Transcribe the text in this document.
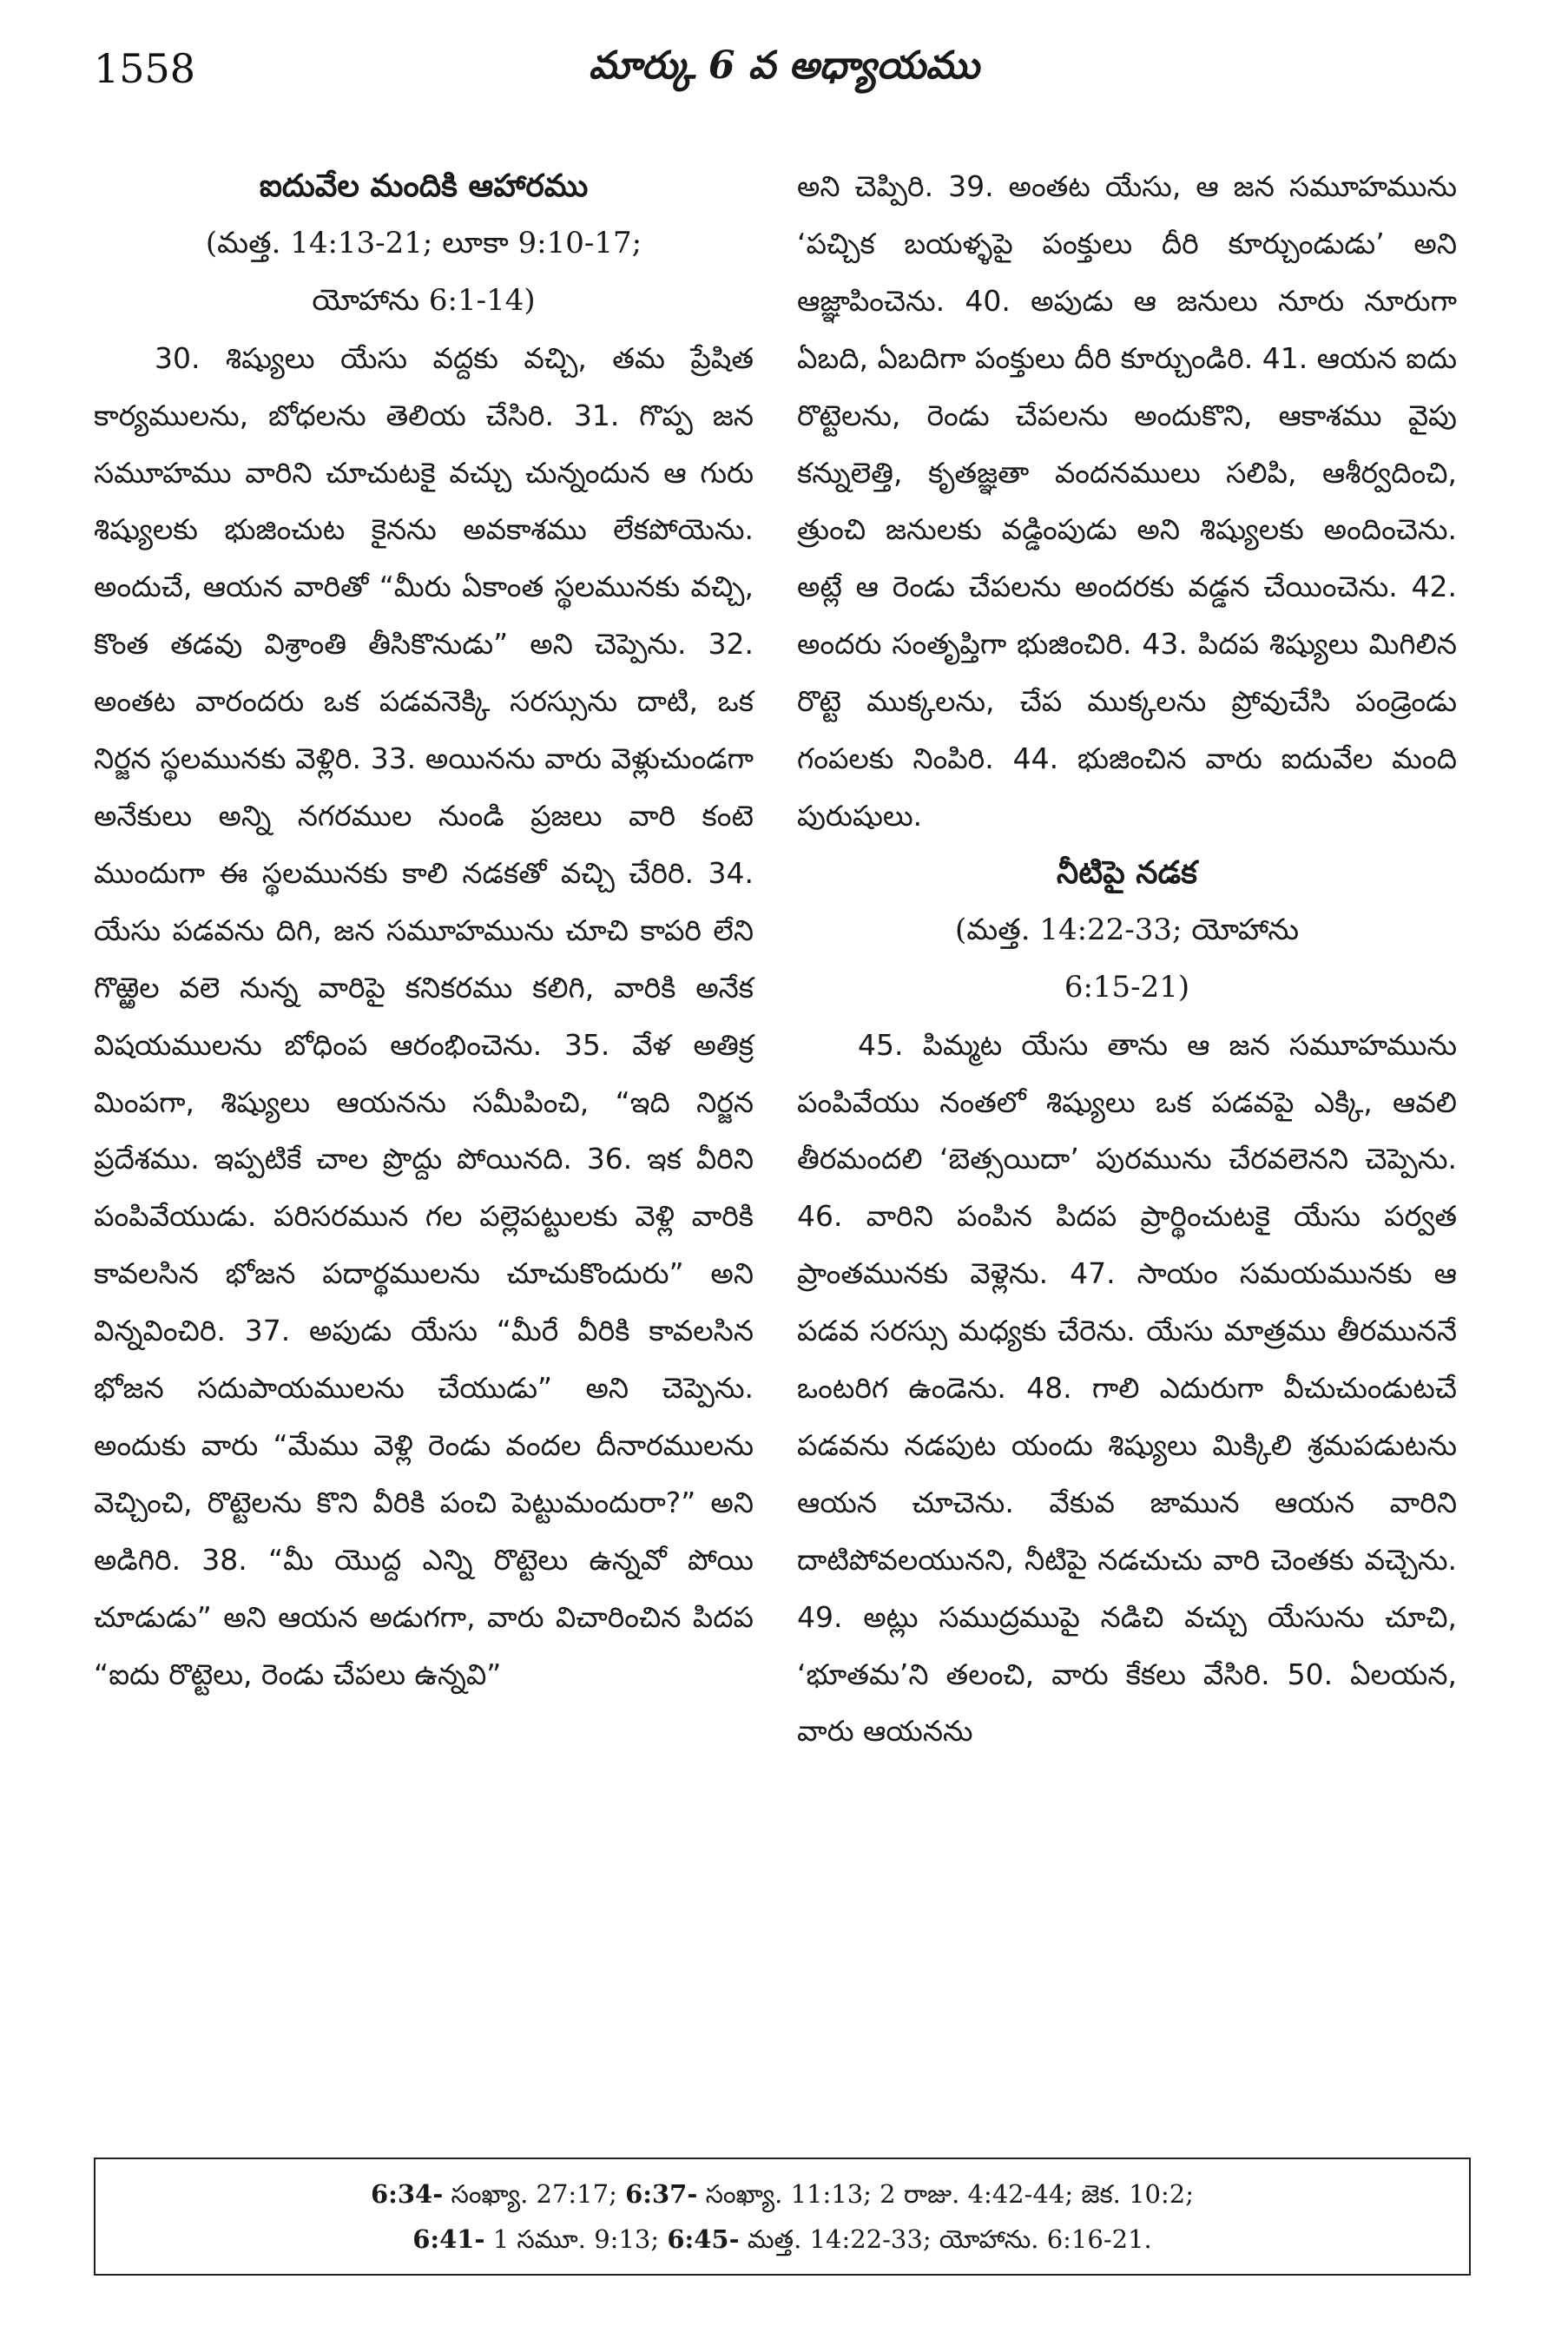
1558	మార్కు 6 వ అధ్యాయము
ఐదువేల మందికి ఆహారము

(మత్త. 14:13-21; లూకా 9:10-17;

యోహాను 6:1-14)

30. శిష్యులు యేసు వద్దకు వచ్చి, తమ ప్రేషిత కార్యములను, బోధలను తెలియ చేసిరి. 31. గొప్ప జన సమూహము వారిని చూచుటకై వచ్చు చున్నందున ఆ గురు శిష్యులకు భుజించుట కైనను అవకాశము లేకపోయెను. అందుచే, ఆయన వారితో “మీరు ఏకాంత స్థలమునకు వచ్చి, కొంత తడవు విశ్రాంతి తీసికొనుడు” అని చెప్పెను. 32. అంతట వారందరు ఒక పడవనెక్కి సరస్సును దాటి, ఒక నిర్జన స్థలమునకు వెళ్లిరి. 33. అయినను వారు వెళ్లుచుండగా అనేకులు అన్ని నగరముల నుండి ప్రజలు వారి కంటె ముందుగా ఈ స్థలమునకు కాలి నడకతో వచ్చి చేరిరి. 34. యేసు పడవను దిగి, జన సమూహమును చూచి కాపరి లేని గొఱ్ఱెల వలె నున్న వారిపై కనికరము కలిగి, వారికి అనేక విషయములను బోధింప ఆరంభించెను. 35. వేళ అతిక్ర మింపగా, శిష్యులు ఆయనను సమీపించి, “ఇది నిర్జన ప్రదేశము. ఇప్పటికే చాల ప్రొద్దు పోయినది. 36. ఇక వీరిని పంపివేయుడు. పరిసరమున గల పల్లెపట్టులకు వెళ్లి వారికి కావలసిన భోజన పదార్థములను చూచుకొందురు” అని విన్నవించిరి. 37. అపుడు యేసు “మీరే వీరికి కావలసిన భోజన సదుపాయములను చేయుడు” అని చెప్పెను. అందుకు వారు “మేము వెళ్లి రెండు వందల దీనారములను వెచ్చించి, రొట్టెలను కొని వీరికి పంచి పెట్టుమందురా?” అని అడిగిరి. 38. “మీ యొద్ద ఎన్ని రొట్టెలు ఉన్నవో పోయి చూడుడు” అని ఆయన అడుగగా, వారు విచారించిన పిదప “ఐదు రొట్టెలు, రెండు చేపలు ఉన్నవి”

అని చెప్పిరి. 39. అంతట యేసు, ఆ జన సమూహమును ‘పచ్చిక బయళ్ళపై పంక్తులు దీరి కూర్చుండుడు’ అని ఆజ్ఞాపించెను. 40. అపుడు ఆ జనులు నూరు నూరుగా ఏబది, ఏబదిగా పంక్తులు దీరి కూర్చుండిరి. 41. ఆయన ఐదు రొట్టెలను, రెండు చేపలను అందుకొని, ఆకాశము వైపు కన్నులెత్తి, కృతజ్ఞతా వందనములు సలిపి, ఆశీర్వదించి, త్రుంచి జనులకు వడ్డింపుడు అని శిష్యులకు అందించెను. అట్లే ఆ రెండు చేపలను అందరకు వడ్డన చేయించెను. 42. అందరు సంతృప్తిగా భుజించిరి. 43. పిదప శిష్యులు మిగిలిన రొట్టె ముక్కలను, చేప ముక్కలను ప్రోవుచేసి పండ్రెండు గంపలకు నింపిరి. 44. భుజించిన వారు ఐదువేల మంది పురుషులు.

నీటిపై నడక

(మత్త. 14:22-33; యోహాను

6:15-21)

45. పిమ్మట యేసు తాను ఆ జన సమూహమును పంపివేయు నంతలో శిష్యులు ఒక పడవపై ఎక్కి, ఆవలి తీరమందలి ‘బెత్సయిదా’ పురమును చేరవలెనని చెప్పెను. 46. వారిని పంపిన పిదప ప్రార్థించుటకై యేసు పర్వత ప్రాంతమునకు వెళ్లెను. 47. సాయం సమయమునకు ఆ పడవ సరస్సు మధ్యకు చేరెను. యేసు మాత్రము తీరముననే ఒంటరిగ ఉండెను. 48. గాలి ఎదురుగా వీచుచుండుటచే పడవను నడపుట యందు శిష్యులు మిక్కిలి శ్రమపడుటను ఆయన చూచెను. వేకువ జామున ఆయన వారిని దాటిపోవలయునని, నీటిపై నడచుచు వారి చెంతకు వచ్చెను. 49. అట్లు సముద్రముపై నడిచి వచ్చు యేసును చూచి, ‘భూతమ’ని తలంచి, వారు కేకలు వేసిరి. 50. ఏలయన, వారు ఆయనను

6:34- సంఖ్యా. 27:17; 6:37- సంఖ్యా. 11:13; 2 రాజు. 4:42-44; జెక. 10:2;
6:41- 1 సమూ. 9:13; 6:45- మత్త. 14:22-33; యోహాను. 6:16-21.
